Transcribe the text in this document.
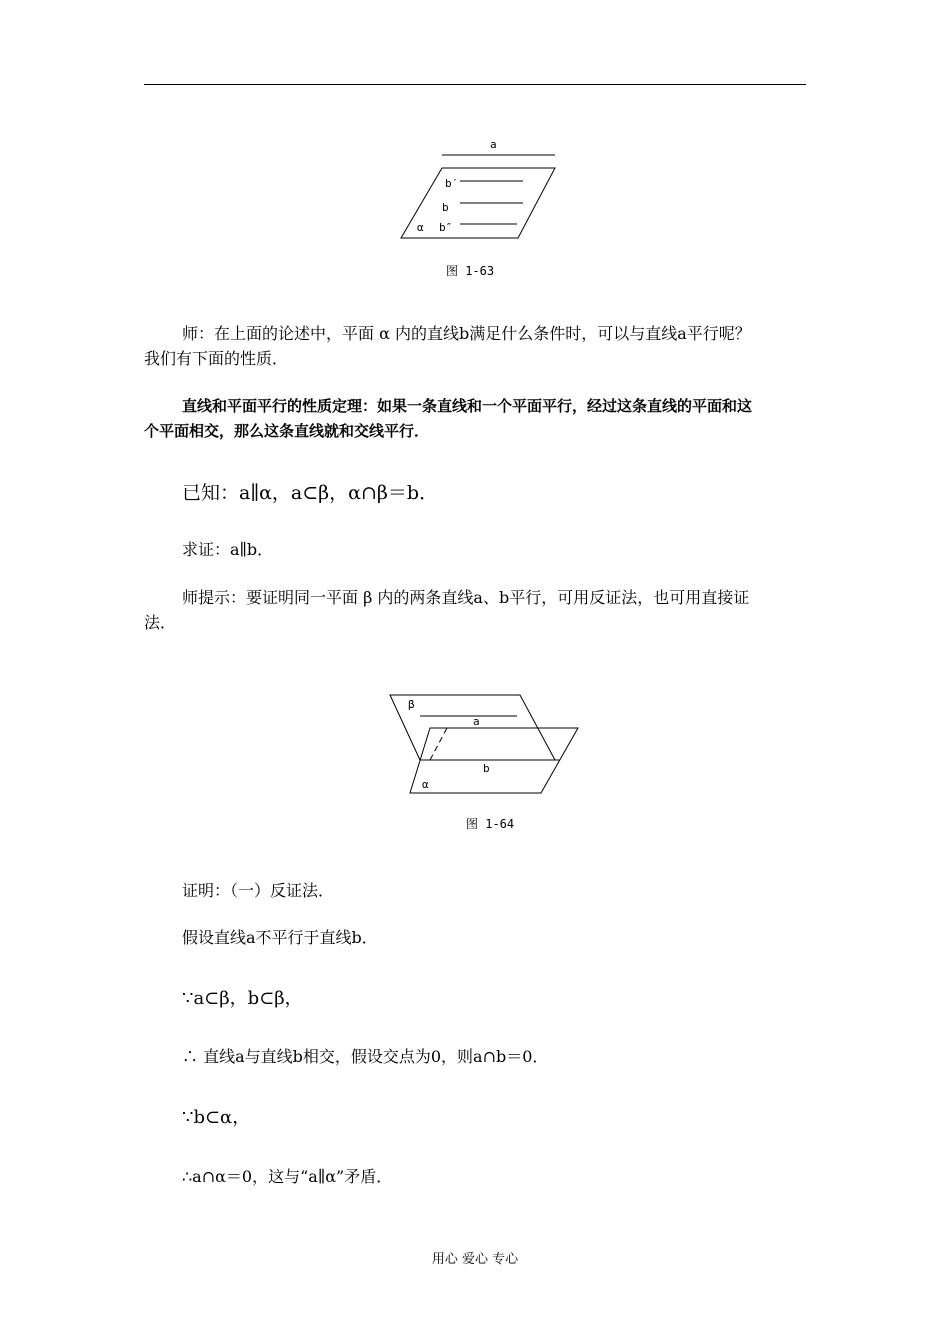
a
b′
b
b″
α
图 1-63
师：在上面的论述中，平面 α 内的直线b满足什么条件时，可以与直线a平行呢？
我们有下面的性质．
直线和平面平行的性质定理：如果一条直线和一个平面平行，经过这条直线的平面和这
个平面相交，那么这条直线就和交线平行．
已知：a∥α，a⊂β，α∩β＝b．
求证：a∥b．
师提示：要证明同一平面 β 内的两条直线a、b平行，可用反证法，也可用直接证
法．
β
a
b
α
图 1-64
证明：（一）反证法．
假设直线a不平行于直线b．
∵a⊂β，b⊂β，
∴ 直线a与直线b相交，假设交点为0，则a∩b＝0．
∵b⊂α，
∴a∩α＝0，这与“a∥α”矛盾．
用心 爱心 专心
